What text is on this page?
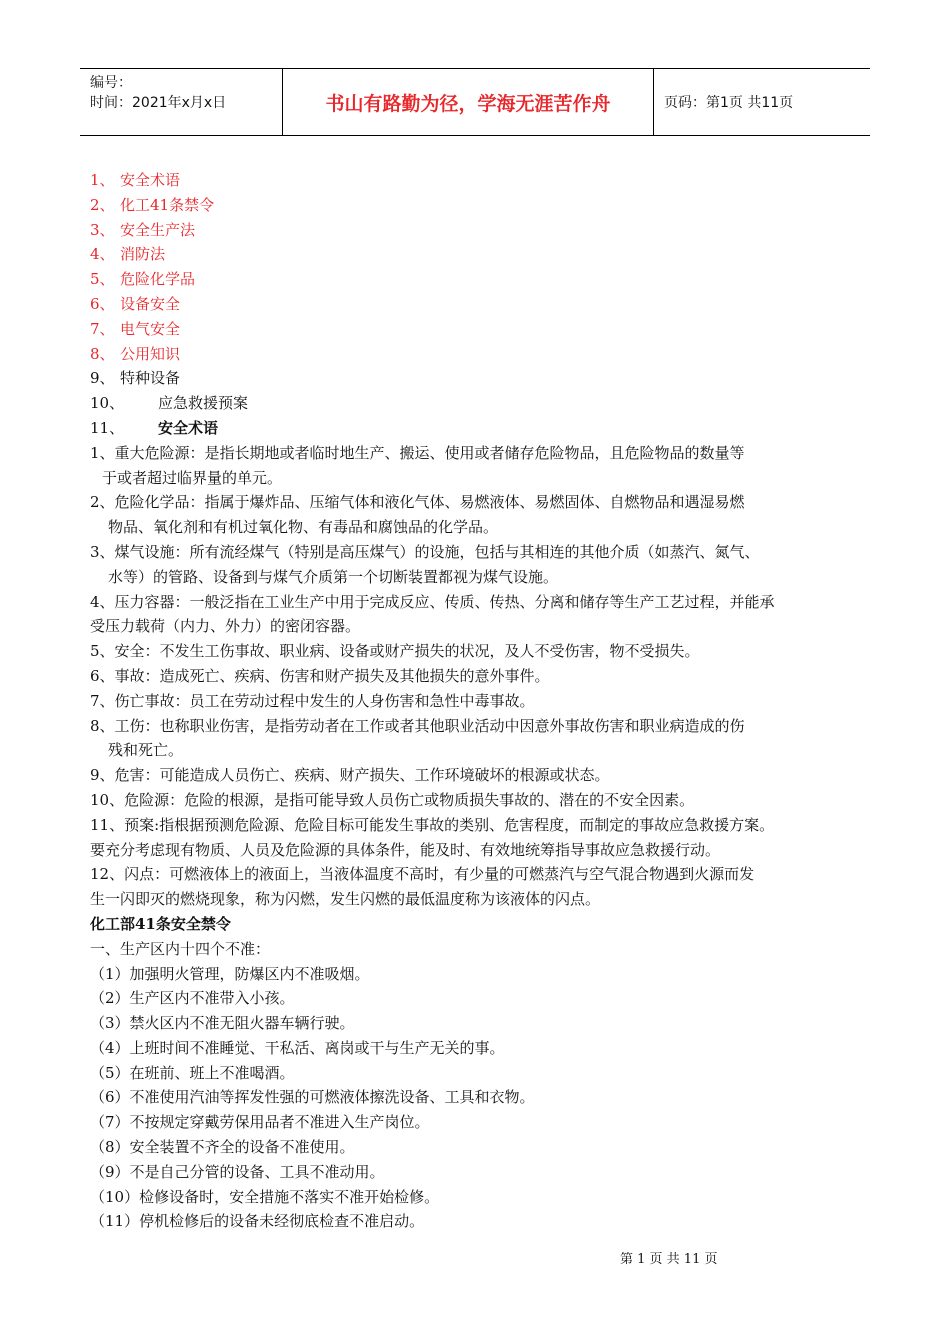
编号：
时间：2021年x月x日	书山有路勤为径，学海无涯苦作舟	页码：第1页 共11页
1、 安全术语
2、 化工41条禁令
3、 安全生产法
4、 消防法
5、 危险化学品
6、 设备安全
7、 电气安全
8、 公用知识
9、 特种设备
10、 应急救援预案
11、 安全术语
1、重大危险源：是指长期地或者临时地生产、搬运、使用或者储存危险物品，且危险物品的数量等
于或者超过临界量的单元。
2、危险化学品：指属于爆炸品、压缩气体和液化气体、易燃液体、易燃固体、自燃物品和遇湿易燃
物品、氧化剂和有机过氧化物、有毒品和腐蚀品的化学品。
3、煤气设施：所有流经煤气（特别是高压煤气）的设施，包括与其相连的其他介质（如蒸汽、氮气、
水等）的管路、设备到与煤气介质第一个切断装置都视为煤气设施。
4、压力容器：一般泛指在工业生产中用于完成反应、传质、传热、分离和储存等生产工艺过程，并能承
受压力载荷（内力、外力）的密闭容器。
5、安全：不发生工伤事故、职业病、设备或财产损失的状况，及人不受伤害，物不受损失。
6、事故：造成死亡、疾病、伤害和财产损失及其他损失的意外事件。
7、伤亡事故：员工在劳动过程中发生的人身伤害和急性中毒事故。
8、工伤：也称职业伤害，是指劳动者在工作或者其他职业活动中因意外事故伤害和职业病造成的伤
残和死亡。
9、危害：可能造成人员伤亡、疾病、财产损失、工作环境破坏的根源或状态。
10、危险源：危险的根源，是指可能导致人员伤亡或物质损失事故的、潜在的不安全因素。
11、预案:指根据预测危险源、危险目标可能发生事故的类别、危害程度，而制定的事故应急救援方案。
要充分考虑现有物质、人员及危险源的具体条件，能及时、有效地统筹指导事故应急救援行动。
12、闪点：可燃液体上的液面上，当液体温度不高时，有少量的可燃蒸汽与空气混合物遇到火源而发
生一闪即灭的燃烧现象，称为闪燃，发生闪燃的最低温度称为该液体的闪点。
化工部41条安全禁令
一、生产区内十四个不准：
（1）加强明火管理，防爆区内不准吸烟。
（2）生产区内不准带入小孩。
（3）禁火区内不准无阻火器车辆行驶。
（4）上班时间不准睡觉、干私活、离岗或干与生产无关的事。
（5）在班前、班上不准喝酒。
（6）不准使用汽油等挥发性强的可燃液体擦洗设备、工具和衣物。
（7）不按规定穿戴劳保用品者不准进入生产岗位。
（8）安全装置不齐全的设备不准使用。
（9）不是自己分管的设备、工具不准动用。
（10）检修设备时，安全措施不落实不准开始检修。
（11）停机检修后的设备未经彻底检查不准启动。
第 1 页 共 11 页
